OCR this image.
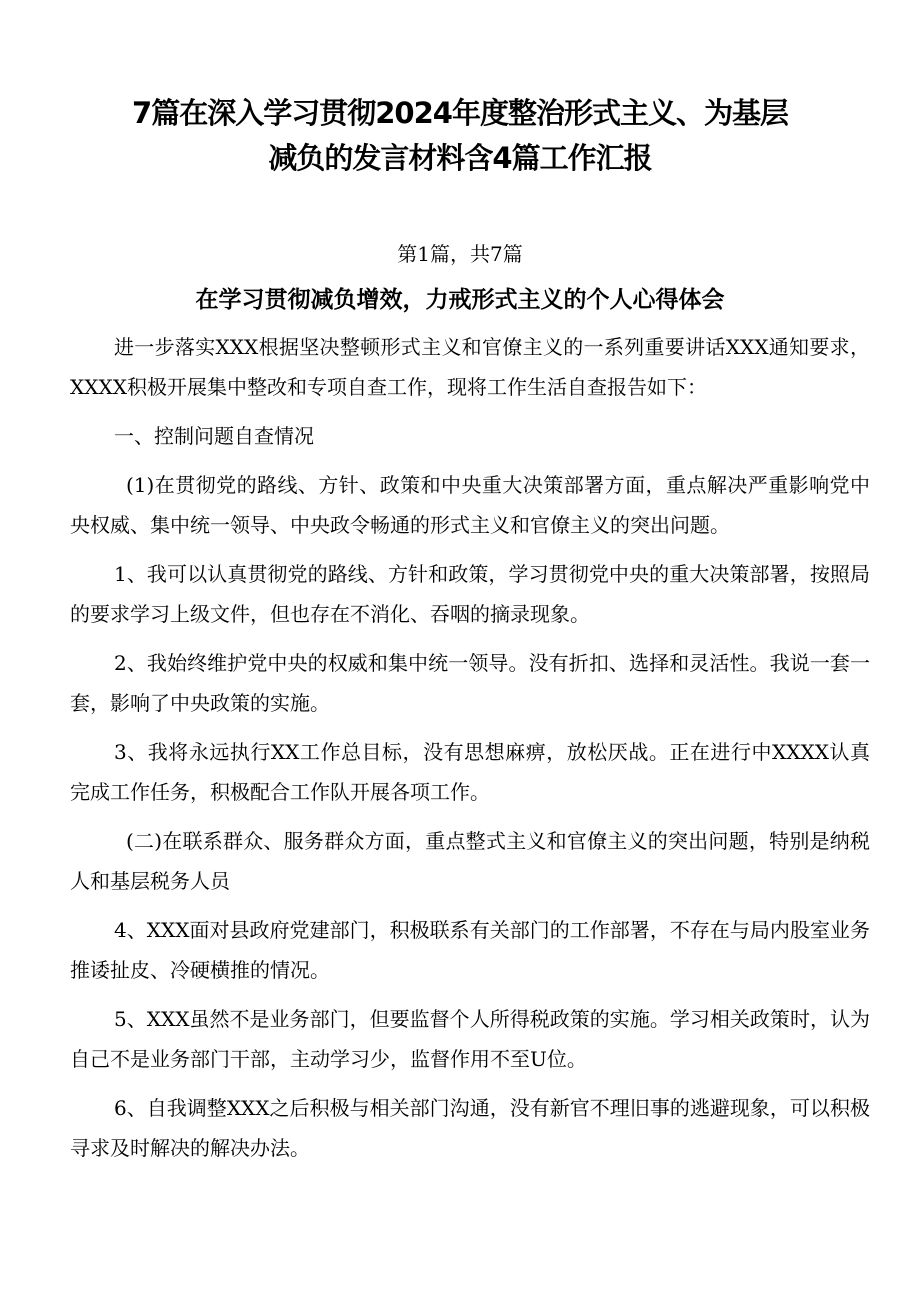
7篇在深入学习贯彻2024年度整治形式主义、为基层
减负的发言材料含4篇工作汇报

第1篇，共7篇

在学习贯彻减负增效，力戒形式主义的个人心得体会

进一步落实XXX根据坚决整顿形式主义和官僚主义的一系列重要讲话XXX通知要求，XXXX积极开展集中整改和专项自查工作，现将工作生活自查报告如下：

一、控制问题自查情况

(1)在贯彻党的路线、方针、政策和中央重大决策部署方面，重点解决严重影响党中央权威、集中统一领导、中央政令畅通的形式主义和官僚主义的突出问题。

1、我可以认真贯彻党的路线、方针和政策，学习贯彻党中央的重大决策部署，按照局的要求学习上级文件，但也存在不消化、吞咽的摘录现象。

2、我始终维护党中央的权威和集中统一领导。没有折扣、选择和灵活性。我说一套一套，影响了中央政策的实施。

3、我将永远执行XX工作总目标，没有思想麻痹，放松厌战。正在进行中XXXX认真完成工作任务，积极配合工作队开展各项工作。

(二)在联系群众、服务群众方面，重点整式主义和官僚主义的突出问题，特别是纳税人和基层税务人员

4、XXX面对县政府党建部门，积极联系有关部门的工作部署，不存在与局内股室业务推诿扯皮、冷硬横推的情况。

5、XXX虽然不是业务部门，但要监督个人所得税政策的实施。学习相关政策时，认为自己不是业务部门干部，主动学习少，监督作用不至U位。

6、自我调整XXX之后积极与相关部门沟通，没有新官不理旧事的逃避现象，可以积极寻求及时解决的解决办法。
